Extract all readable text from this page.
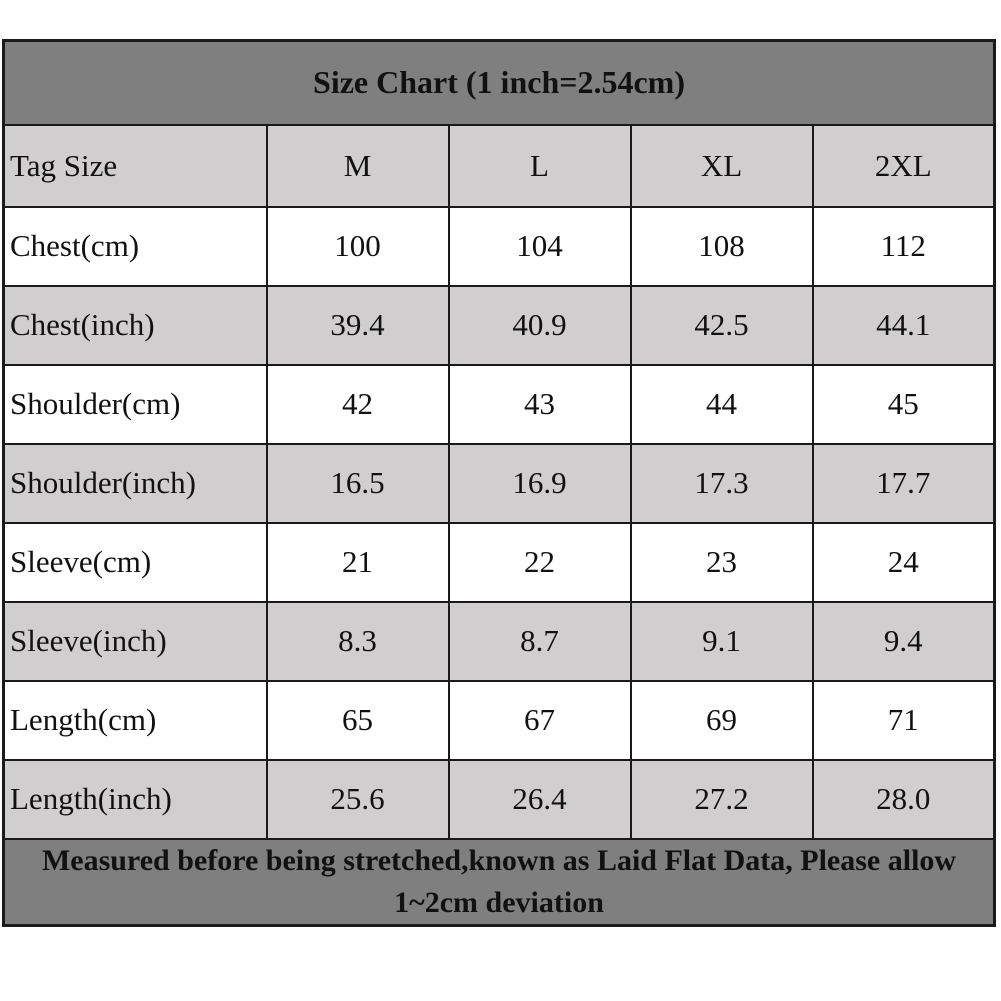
Size Chart (1 inch=2.54cm)				
Tag Size	M	L	XL	2XL
Chest(cm)	100	104	108	112
Chest(inch)	39.4	40.9	42.5	44.1
Shoulder(cm)	42	43	44	45
Shoulder(inch)	16.5	16.9	17.3	17.7
Sleeve(cm)	21	22	23	24
Sleeve(inch)	8.3	8.7	9.1	9.4
Length(cm)	65	67	69	71
Length(inch)	25.6	26.4	27.2	28.0
Measured before being stretched,known as Laid Flat Data, Please allow 1~2cm deviation				
